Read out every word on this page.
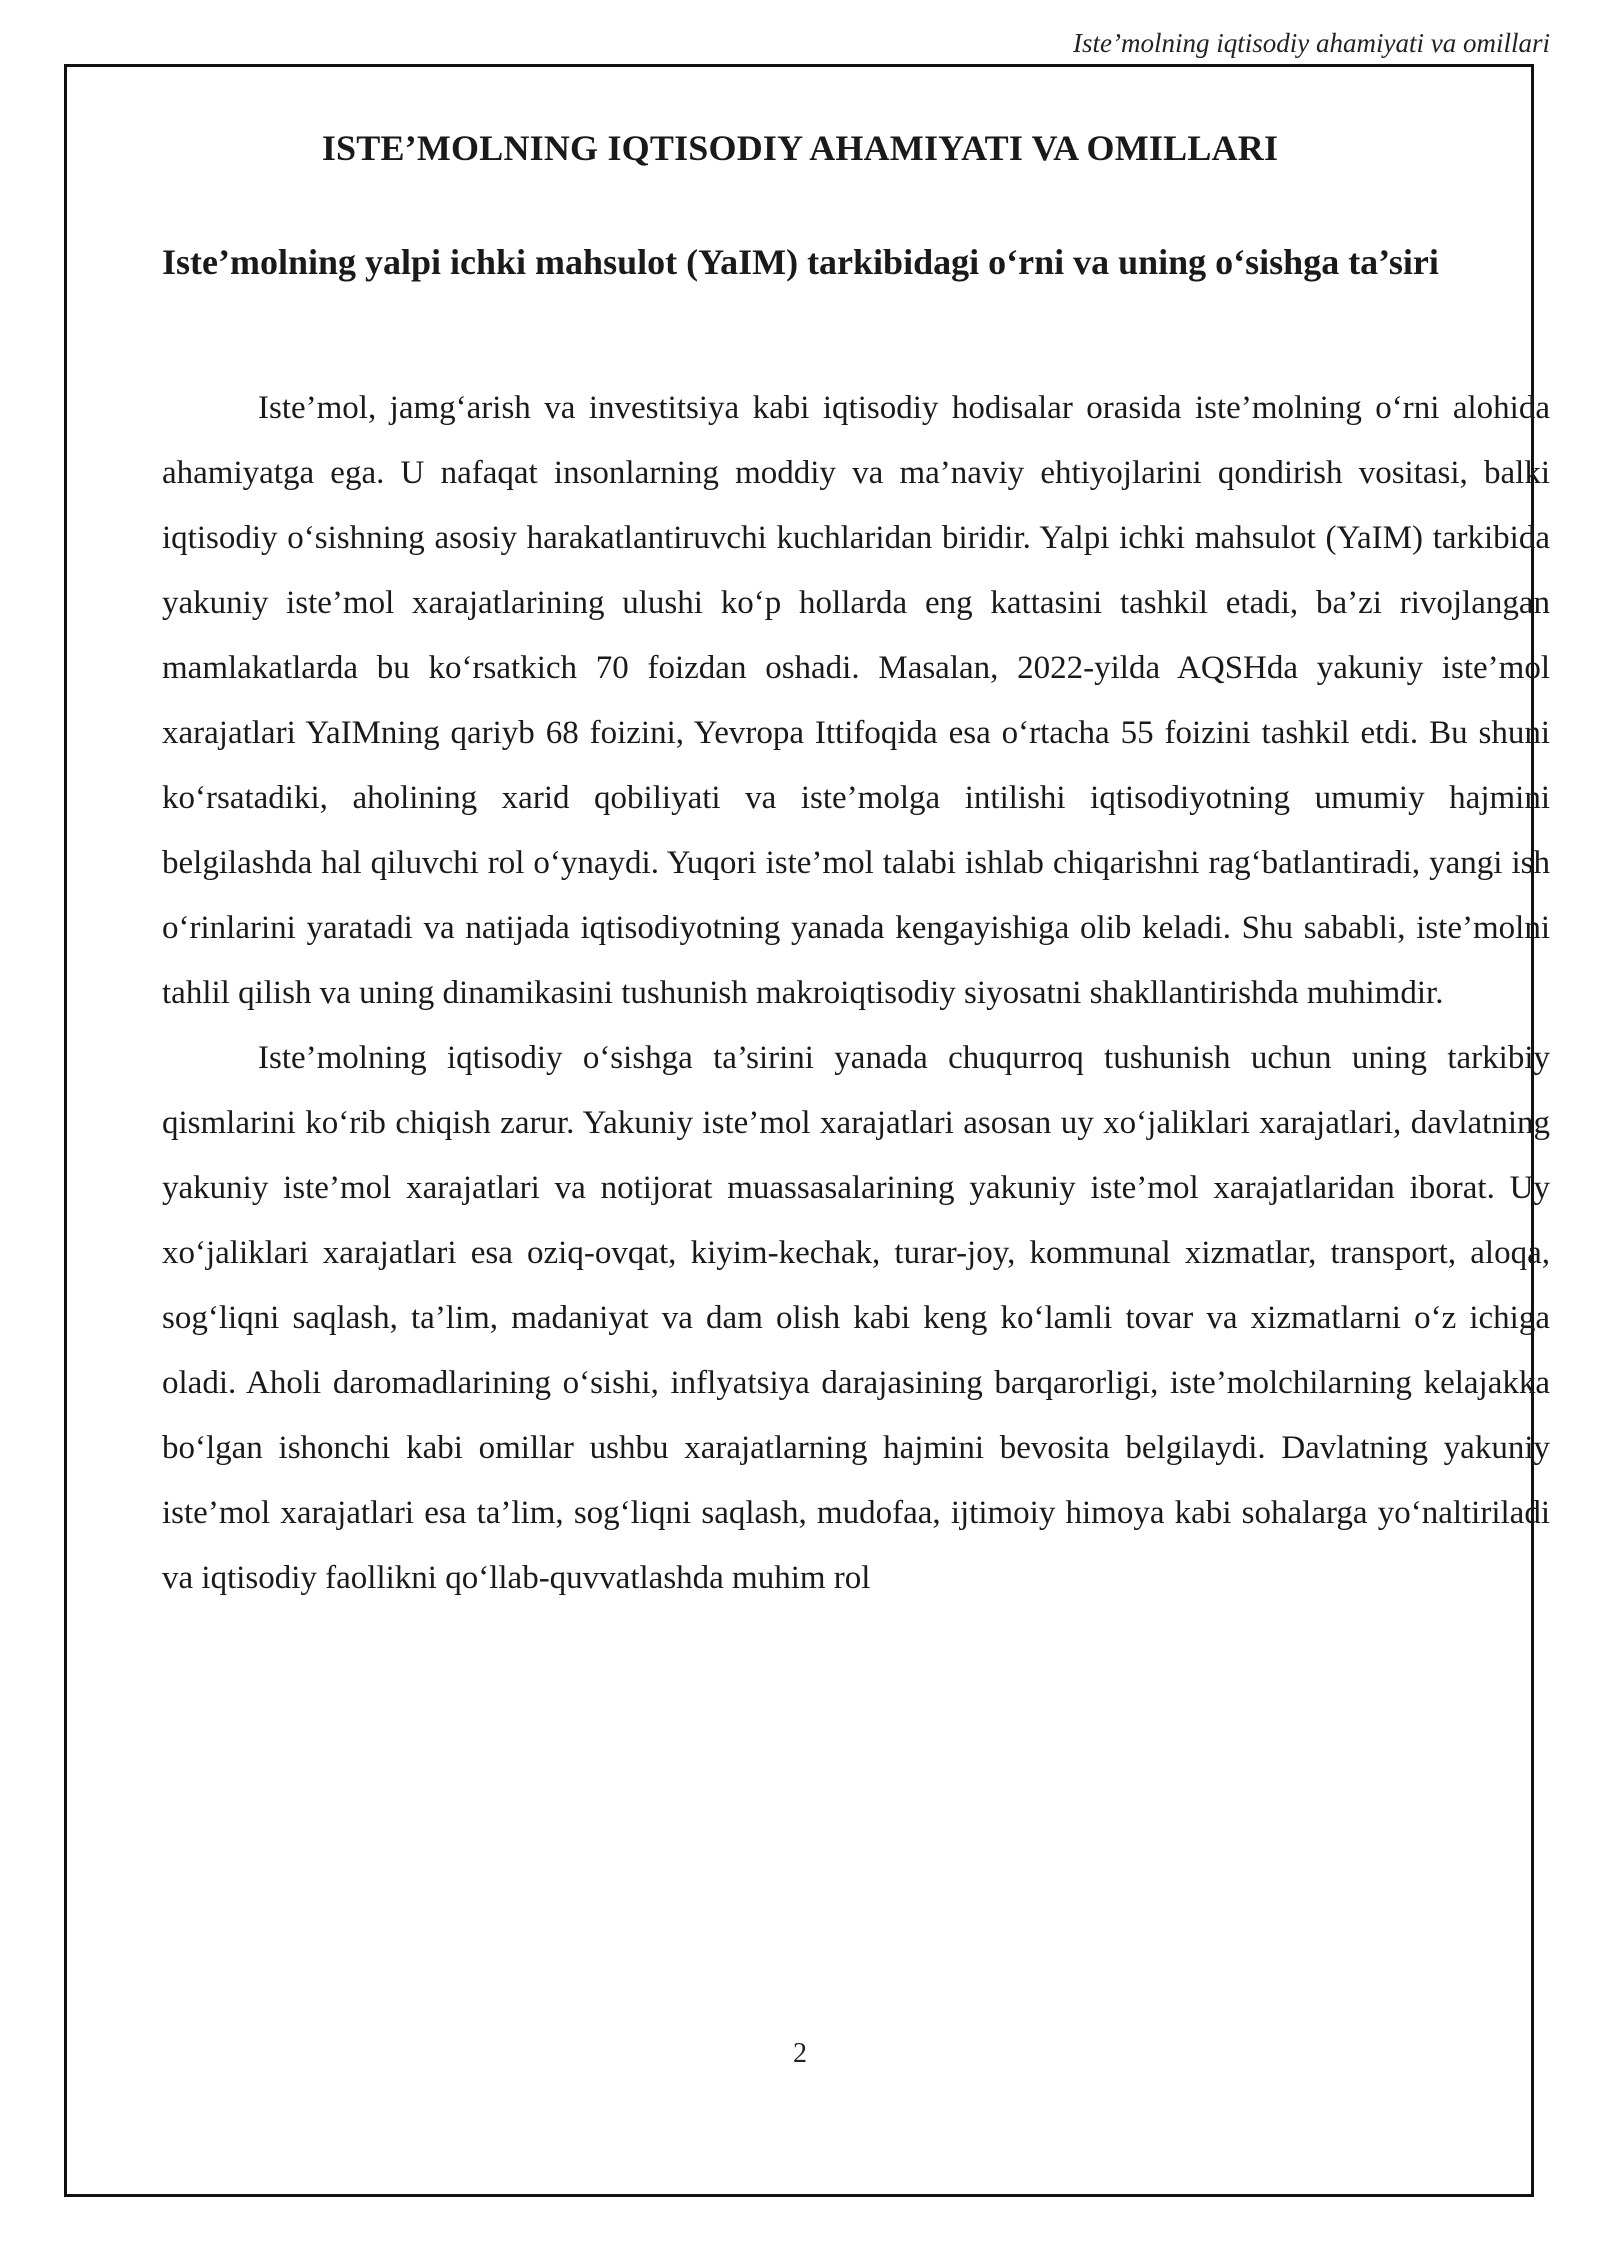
Iste’molning iqtisodiy ahamiyati va omillari
ISTE’MOLNING IQTISODIY AHAMIYATI VA OMILLARI
Iste’molning yalpi ichki mahsulot (YaIM) tarkibidagi o‘rni va uning o‘sishga ta’siri

Iste’mol, jamg‘arish va investitsiya kabi iqtisodiy hodisalar orasida iste’molning o‘rni alohida ahamiyatga ega. U nafaqat insonlarning moddiy va ma’naviy ehtiyojlarini qondirish vositasi, balki iqtisodiy o‘sishning asosiy harakatlantiruvchi kuchlaridan biridir. Yalpi ichki mahsulot (YaIM) tarkibida yakuniy iste’mol xarajatlarining ulushi ko‘p hollarda eng kattasini tashkil etadi, ba’zi rivojlangan mamlakatlarda bu ko‘rsatkich 70 foizdan oshadi. Masalan, 2022-yilda AQSHda yakuniy iste’mol xarajatlari YaIMning qariyb 68 foizini, Yevropa Ittifoqida esa o‘rtacha 55 foizini tashkil etdi. Bu shuni ko‘rsatadiki, aholining xarid qobiliyati va iste’molga intilishi iqtisodiyotning umumiy hajmini belgilashda hal qiluvchi rol o‘ynaydi. Yuqori iste’mol talabi ishlab chiqarishni rag‘batlantiradi, yangi ish o‘rinlarini yaratadi va natijada iqtisodiyotning yanada kengayishiga olib keladi. Shu sababli, iste’molni tahlil qilish va uning dinamikasini tushunish makroiqtisodiy siyosatni shakllantirishda muhimdir.

Iste’molning iqtisodiy o‘sishga ta’sirini yanada chuqurroq tushunish uchun uning tarkibiy qismlarini ko‘rib chiqish zarur. Yakuniy iste’mol xarajatlari asosan uy xo‘jaliklari xarajatlari, davlatning yakuniy iste’mol xarajatlari va notijorat muassasalarining yakuniy iste’mol xarajatlaridan iborat. Uy xo‘jaliklari xarajatlari esa oziq-ovqat, kiyim-kechak, turar-joy, kommunal xizmatlar, transport, aloqa, sog‘liqni saqlash, ta’lim, madaniyat va dam olish kabi keng ko‘lamli tovar va xizmatlarni o‘z ichiga oladi. Aholi daromadlarining o‘sishi, inflyatsiya darajasining barqarorligi, iste’molchilarning kelajakka bo‘lgan ishonchi kabi omillar ushbu xarajatlarning hajmini bevosita belgilaydi. Davlatning yakuniy iste’mol xarajatlari esa ta’lim, sog‘liqni saqlash, mudofaa, ijtimoiy himoya kabi sohalarga yo‘naltiriladi va iqtisodiy faollikni qo‘llab-quvvatlashda muhim rol

2
